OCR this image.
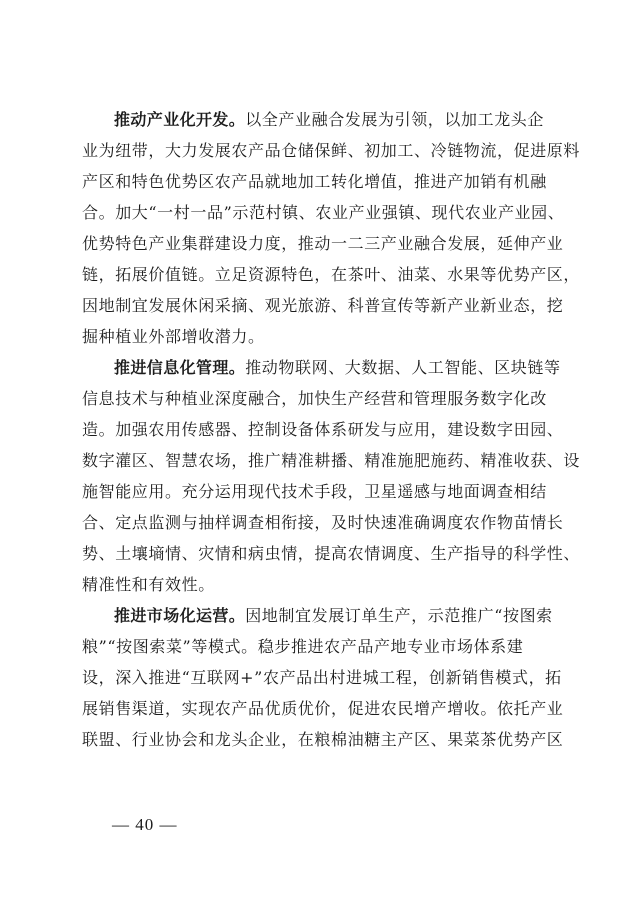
推动产业化开发。以全产业融合发展为引领，以加工龙头企

业为纽带，大力发展农产品仓储保鲜、初加工、冷链物流，促进原料

产区和特色优势区农产品就地加工转化增值，推进产加销有机融

合。加大“一村一品”示范村镇、农业产业强镇、现代农业产业园、

优势特色产业集群建设力度，推动一二三产业融合发展，延伸产业

链，拓展价值链。立足资源特色，在茶叶、油菜、水果等优势产区，

因地制宜发展休闲采摘、观光旅游、科普宣传等新产业新业态，挖

掘种植业外部增收潜力。

推进信息化管理。推动物联网、大数据、人工智能、区块链等

信息技术与种植业深度融合，加快生产经营和管理服务数字化改

造。加强农用传感器、控制设备体系研发与应用，建设数字田园、

数字灌区、智慧农场，推广精准耕播、精准施肥施药、精准收获、设

施智能应用。充分运用现代技术手段，卫星遥感与地面调查相结

合、定点监测与抽样调查相衔接，及时快速准确调度农作物苗情长

势、土壤墒情、灾情和病虫情，提高农情调度、生产指导的科学性、

精准性和有效性。

推进市场化运营。因地制宜发展订单生产，示范推广“按图索

粮”“按图索菜”等模式。稳步推进农产品产地专业市场体系建

设，深入推进“互联网+”农产品出村进城工程，创新销售模式，拓

展销售渠道，实现农产品优质优价，促进农民增产增收。依托产业

联盟、行业协会和龙头企业，在粮棉油糖主产区、果菜茶优势产区

— 40 —
